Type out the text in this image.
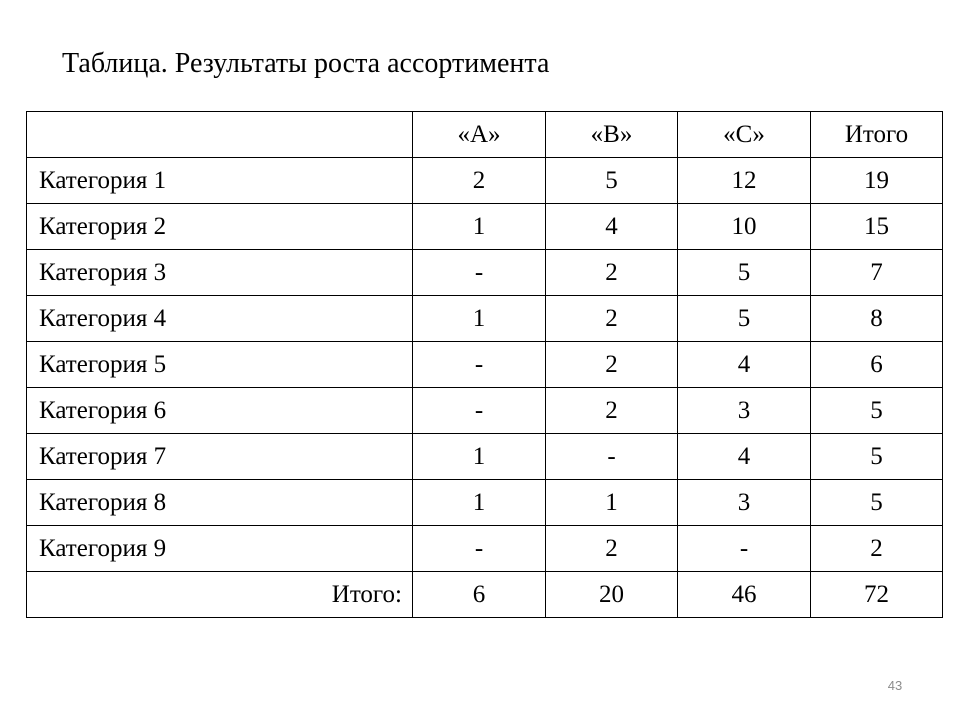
Таблица. Результаты роста ассортимента
	«А»	«В»	«С»	Итого
Категория 1	2	5	12	19
Категория 2	1	4	10	15
Категория 3	-	2	5	7
Категория 4	1	2	5	8
Категория 5	-	2	4	6
Категория 6	-	2	3	5
Категория 7	1	-	4	5
Категория 8	1	1	3	5
Категория 9	-	2	-	2
Итого:	6	20	46	72
43
